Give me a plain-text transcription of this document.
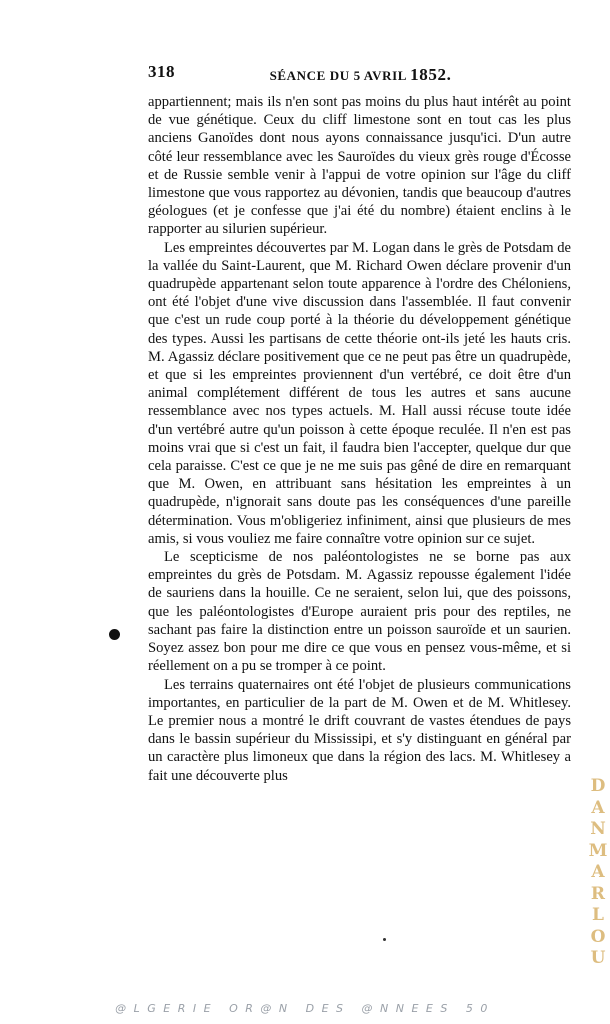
318	SÉANCE DU 5 AVRIL 1852.

appartiennent; mais ils n'en sont pas moins du plus haut intérêt au point de vue génétique. Ceux du cliff limestone sont en tout cas les plus anciens Ganoïdes dont nous ayons connaissance jusqu'ici. D'un autre côté leur ressemblance avec les Sauroïdes du vieux grès rouge d'Écosse et de Russie semble venir à l'appui de votre opinion sur l'âge du cliff limestone que vous rapportez au dévonien, tandis que beaucoup d'autres géologues (et je confesse que j'ai été du nombre) étaient enclins à le rapporter au silurien supérieur.

Les empreintes découvertes par M. Logan dans le grès de Potsdam de la vallée du Saint-Laurent, que M. Richard Owen déclare provenir d'un quadrupède appartenant selon toute apparence à l'ordre des Chéloniens, ont été l'objet d'une vive discussion dans l'assemblée. Il faut convenir que c'est un rude coup porté à la théorie du développement génétique des types. Aussi les partisans de cette théorie ont-ils jeté les hauts cris. M. Agassiz déclare positivement que ce ne peut pas être un quadrupède, et que si les empreintes proviennent d'un vertébré, ce doit être d'un animal complétement différent de tous les autres et sans aucune ressemblance avec nos types actuels. M. Hall aussi récuse toute idée d'un vertébré autre qu'un poisson à cette époque reculée. Il n'en est pas moins vrai que si c'est un fait, il faudra bien l'accepter, quelque dur que cela paraisse. C'est ce que je ne me suis pas gêné de dire en remarquant que M. Owen, en attribuant sans hésitation les empreintes à un quadrupède, n'ignorait sans doute pas les conséquences d'une pareille détermination. Vous m'obligeriez infiniment, ainsi que plusieurs de mes amis, si vous vouliez me faire connaître votre opinion sur ce sujet.

Le scepticisme de nos paléontologistes ne se borne pas aux empreintes du grès de Potsdam. M. Agassiz repousse également l'idée de sauriens dans la houille. Ce ne seraient, selon lui, que des poissons, que les paléontologistes d'Europe auraient pris pour des reptiles, ne sachant pas faire la distinction entre un poisson sauroïde et un saurien. Soyez assez bon pour me dire ce que vous en pensez vous-même, et si réellement on a pu se tromper à ce point.

Les terrains quaternaires ont été l'objet de plusieurs communications importantes, en particulier de la part de M. Owen et de M. Whitlesey. Le premier nous a montré le drift couvrant de vastes étendues de pays dans le bassin supérieur du Mississipi, et s'y distinguant en général par un caractère plus limoneux que dans la région des lacs. M. Whitlesey a fait une découverte plus

D
A
N
M
A
R
L
O
U
@LGERIE OR@N DES @NNEES 50
